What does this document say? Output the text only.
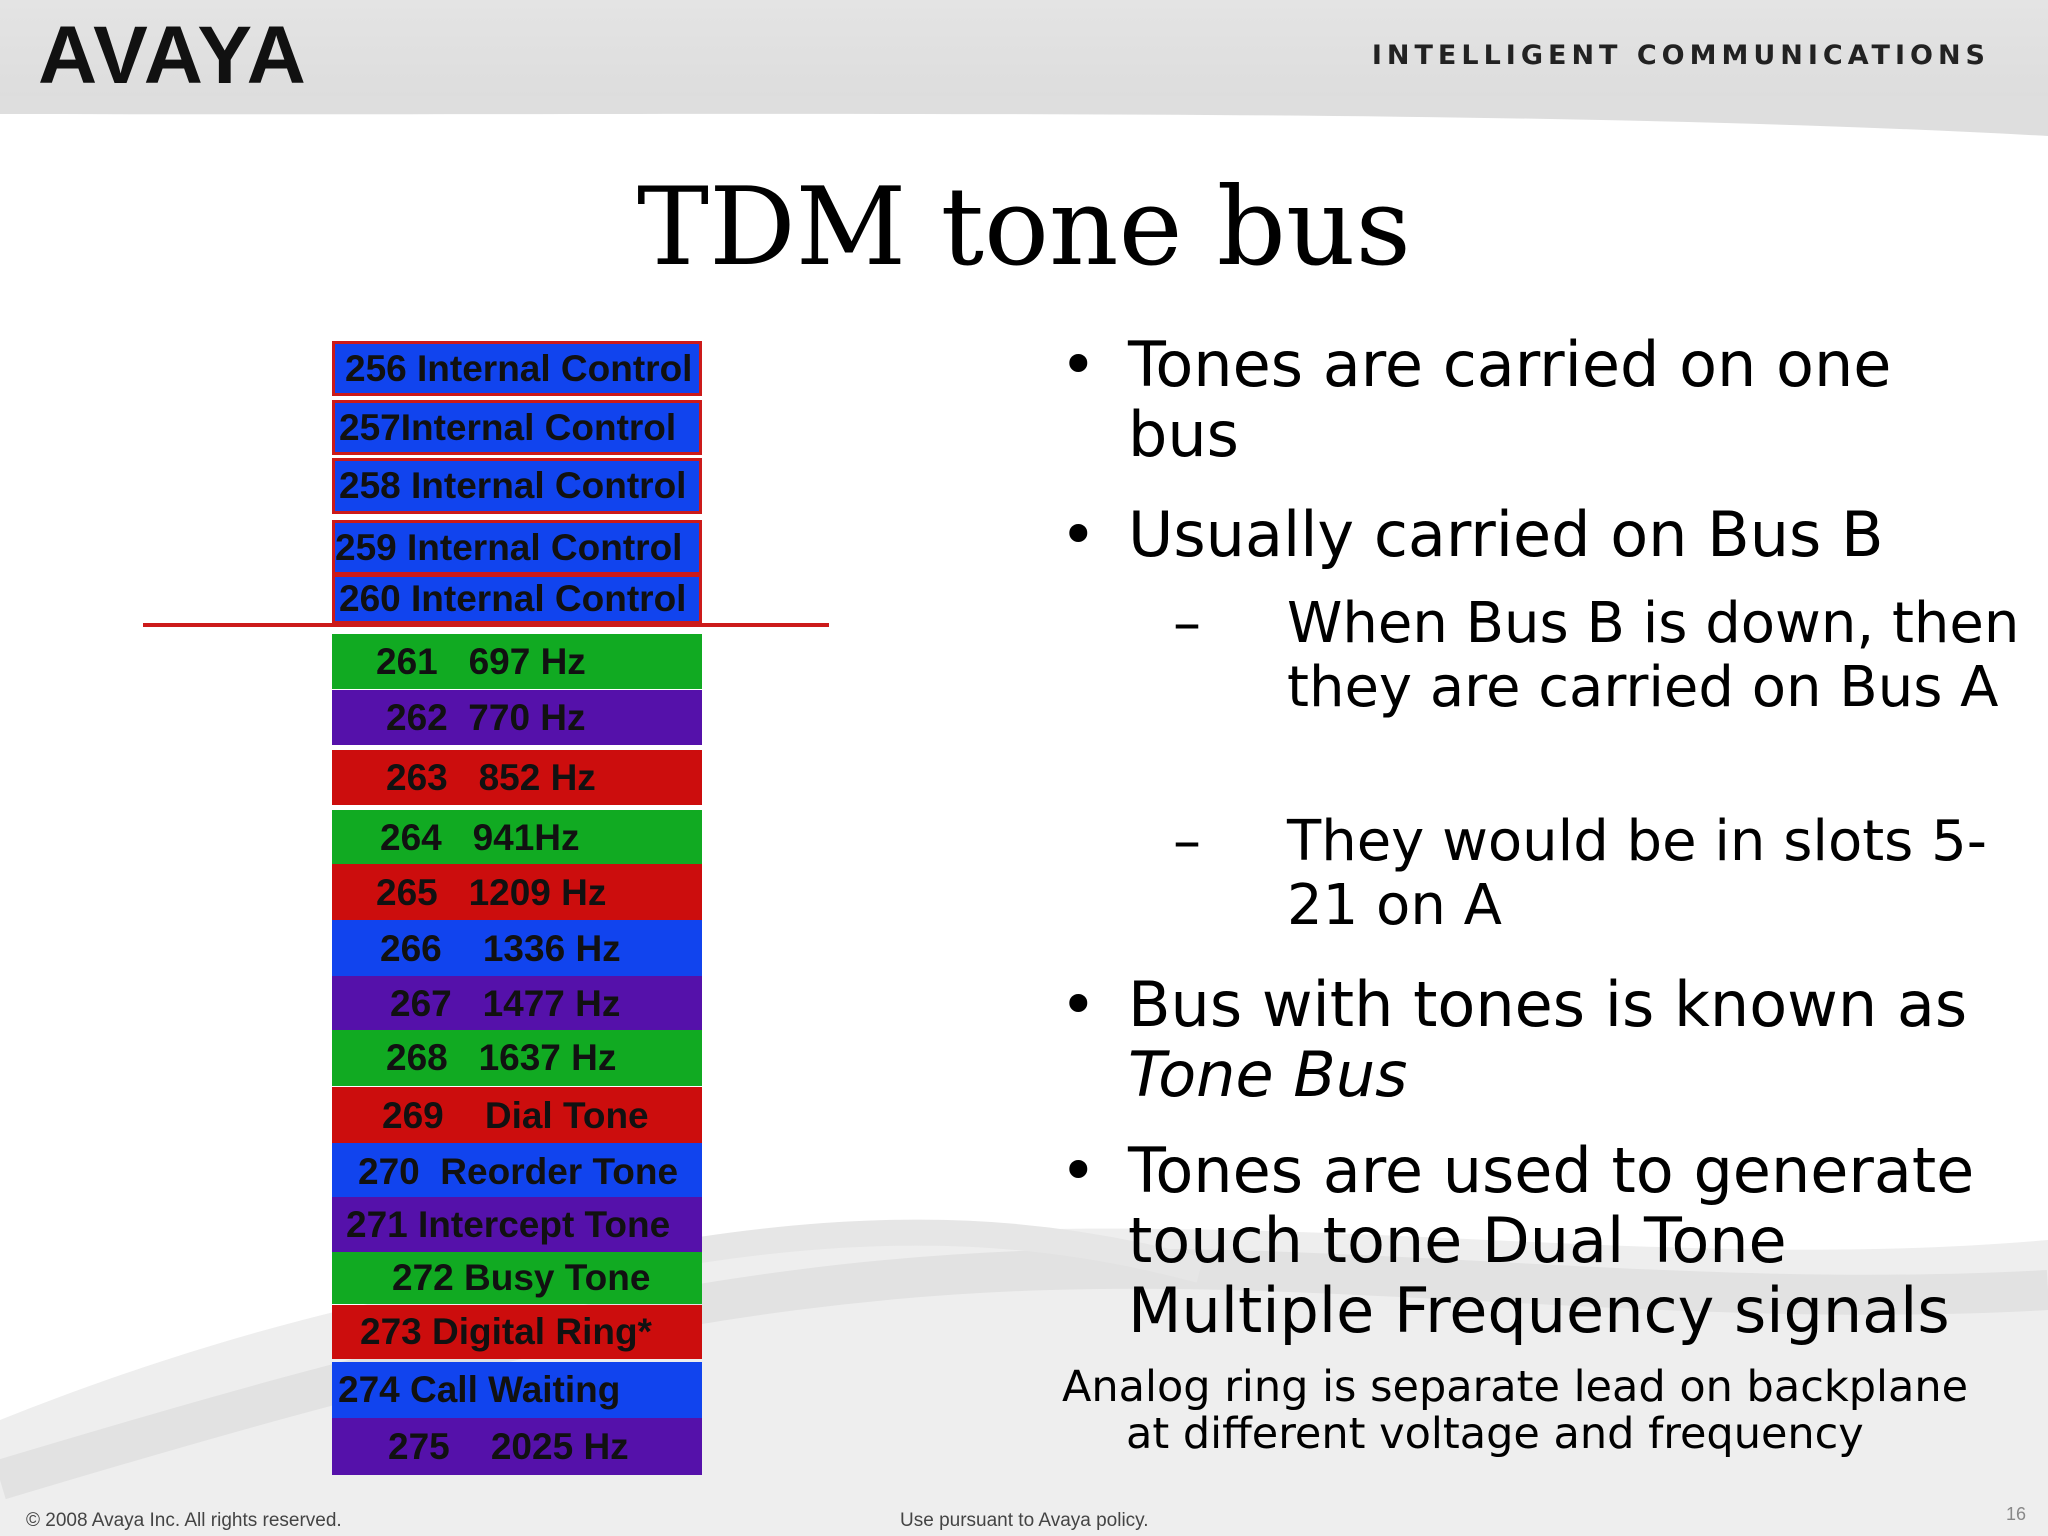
AVAYA	INTELLIGENT COMMUNICATIONS
TDM tone bus
256 Internal Control
257Internal Control
258 Internal Control
259 Internal Control
260 Internal Control
261   697 Hz
262  770 Hz
263   852 Hz
264   941Hz
265   1209 Hz
266    1336 Hz
267   1477 Hz
268   1637 Hz
269    Dial Tone
270  Reorder Tone
271 Intercept Tone
272 Busy Tone
273 Digital Ring*
274 Call Waiting
275    2025 Hz
• Tones are carried on one bus
• Usually carried on Bus B
– When Bus B is down, then they are carried on Bus A
– They would be in slots 5-21 on A
• Bus with tones is known as
Tone Bus
• Tones are used to generate touch tone Dual Tone Multiple Frequency signals
Analog ring is separate lead on backplane
at different voltage and frequency
© 2008 Avaya Inc. All rights reserved.	Use pursuant to Avaya policy.	16
